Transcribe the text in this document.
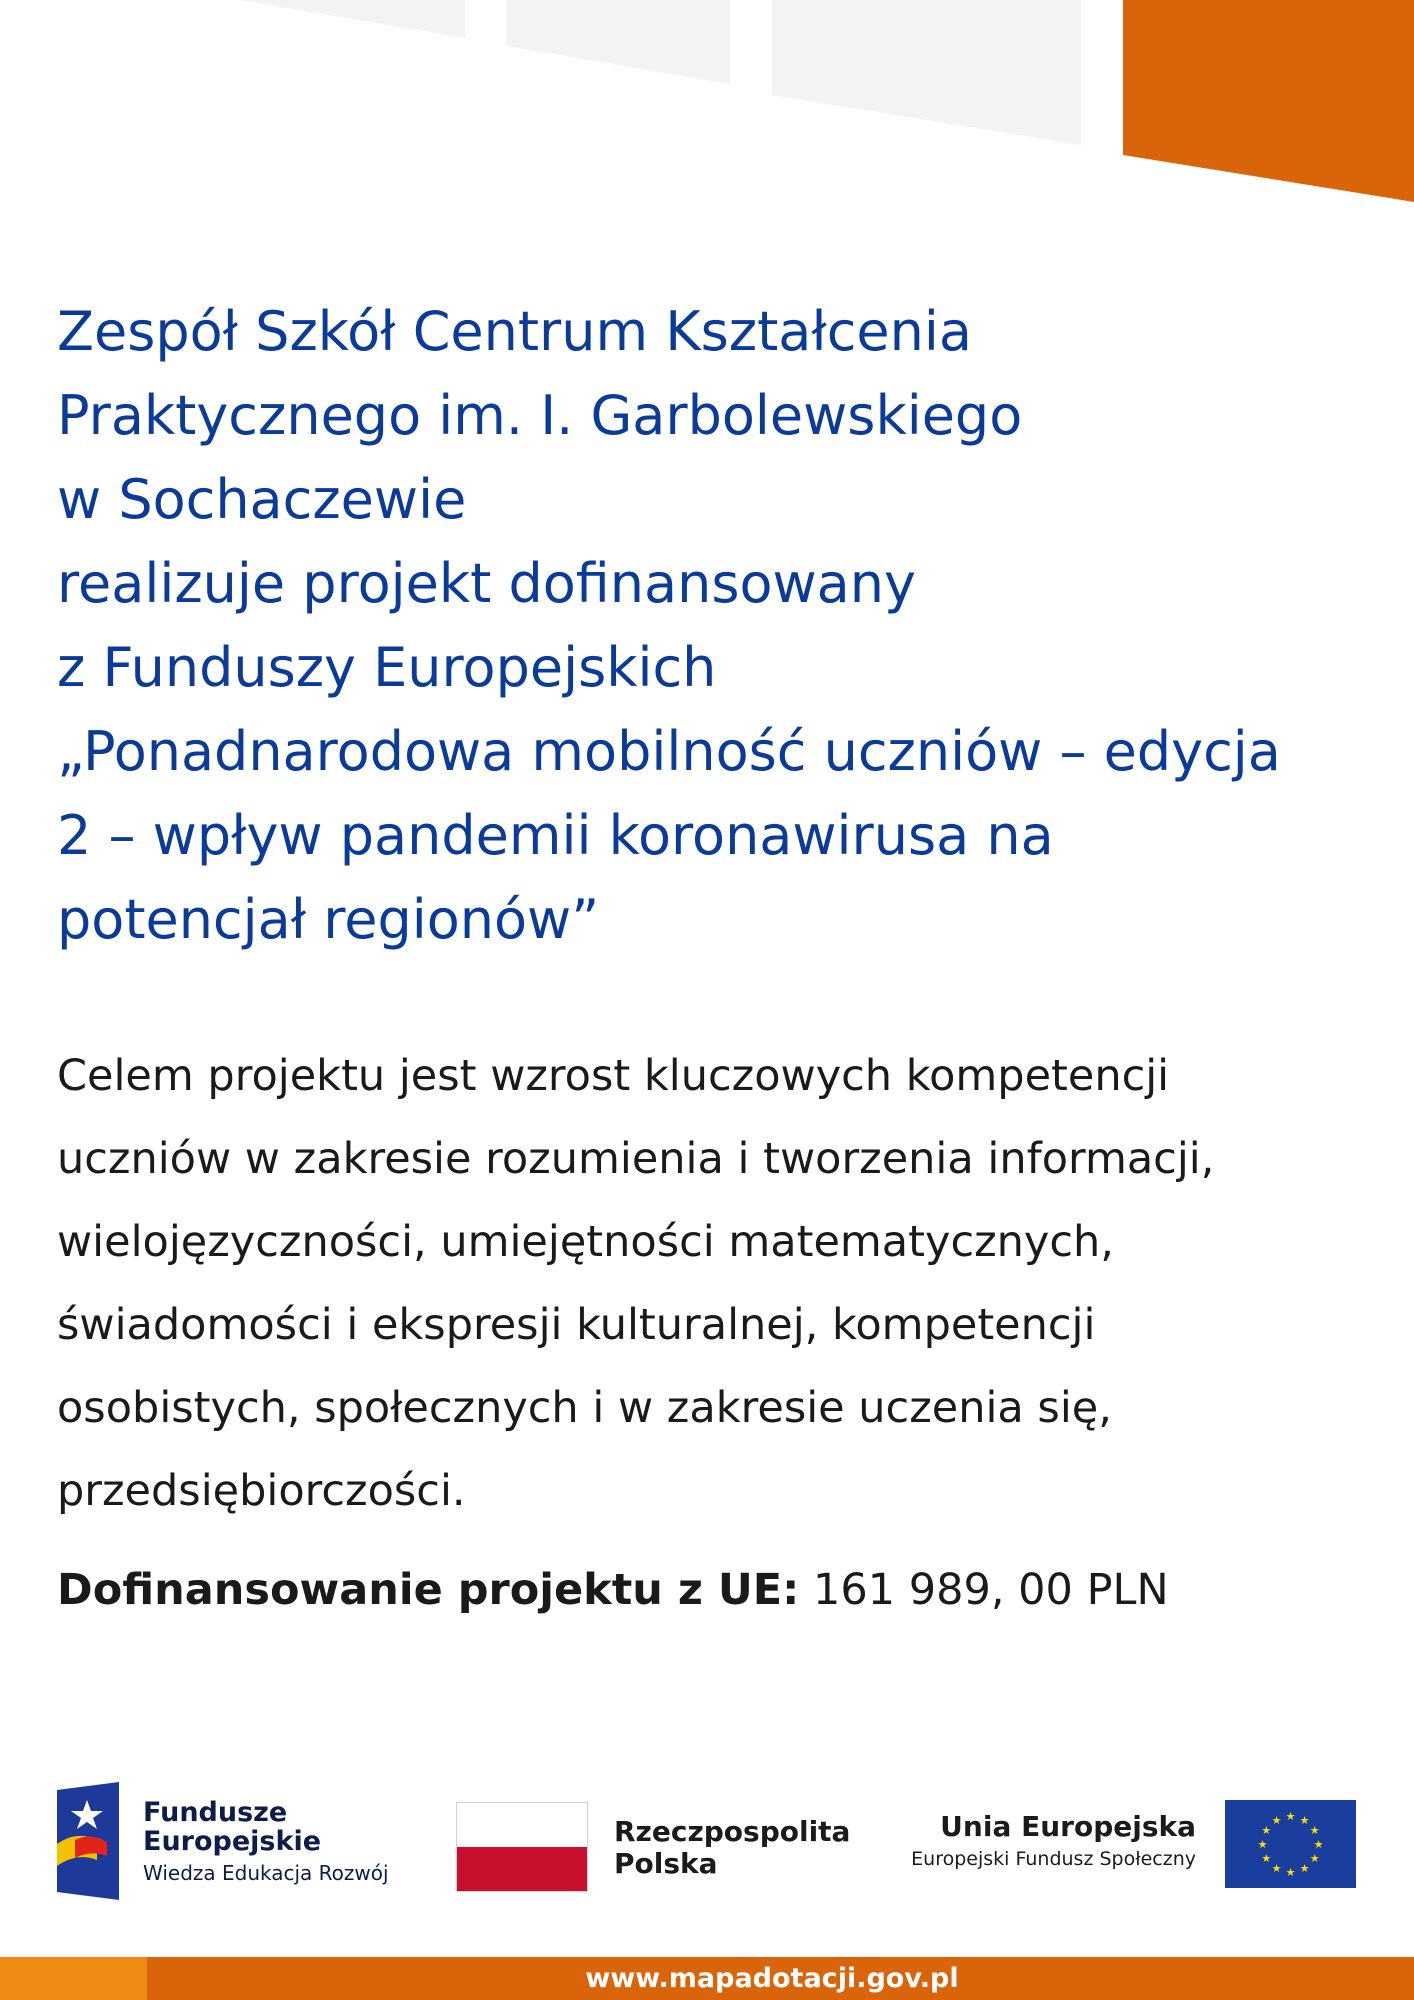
Zespół Szkół Centrum Kształcenia
Praktycznego im. I. Garbolewskiego
w Sochaczewie
realizuje projekt dofinansowany
z Funduszy Europejskich
„Ponadnarodowa mobilność uczniów – edycja
2 – wpływ pandemii koronawirusa na
potencjał regionów”
Celem projektu jest wzrost kluczowych kompetencji
uczniów w zakresie rozumienia i tworzenia informacji,
wielojęzyczności, umiejętności matematycznych,
świadomości i ekspresji kulturalnej, kompetencji
osobistych, społecznych i w zakresie uczenia się,
przedsiębiorczości.
Dofinansowanie projektu z UE: 161 989, 00 PLN
Fundusze
Europejskie
Wiedza Edukacja Rozwój
Rzeczpospolita
Polska
Unia Europejska
Europejski Fundusz Społeczny
★ ★
★
★
★
★
★
★
★
★
★
★
www.mapadotacji.gov.pl
